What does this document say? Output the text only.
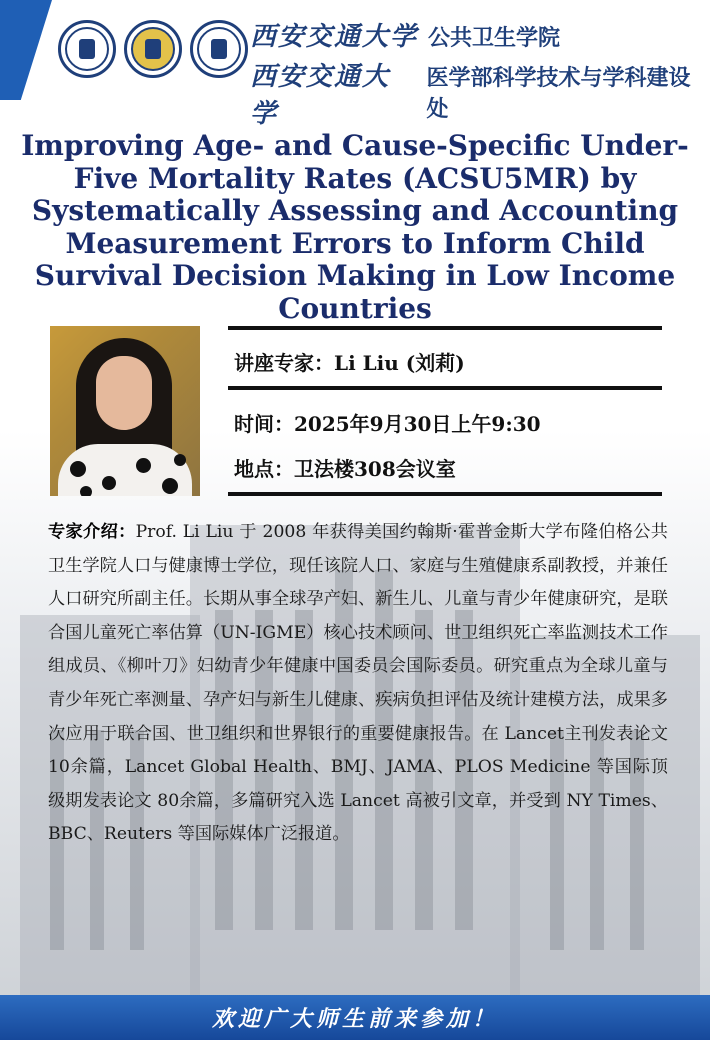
西安交通大学 公共卫生学院
西安交通大学
医学部科学技术与学科建设处
Improving Age- and Cause-Specific Under-Five Mortality Rates (ACSU5MR) by Systematically Assessing and Accounting Measurement Errors to Inform Child Survival Decision Making in Low Income Countries
讲座专家：Li Liu (刘莉)
时间：2025年9月30日上午9:30
地点：卫法楼308会议室
专家介绍：Prof. Li Liu 于 2008 年获得美国约翰斯·霍普金斯大学布隆伯格公共卫生学院人口与健康博士学位，现任该院人口、家庭与生殖健康系副教授，并兼任人口研究所副主任。长期从事全球孕产妇、新生儿、儿童与青少年健康研究，是联合国儿童死亡率估算（UN-IGME）核心技术顾问、世卫组织死亡率监测技术工作组成员、《柳叶刀》妇幼青少年健康中国委员会国际委员。研究重点为全球儿童与青少年死亡率测量、孕产妇与新生儿健康、疾病负担评估及统计建模方法，成果多次应用于联合国、世卫组织和世界银行的重要健康报告。在 Lancet主刊发表论文10余篇，Lancet Global Health、BMJ、JAMA、PLOS Medicine 等国际顶级期发表论文 80余篇，多篇研究入选 Lancet 高被引文章，并受到 NY Times、BBC、Reuters 等国际媒体广泛报道。
欢迎广大师生前来参加！
